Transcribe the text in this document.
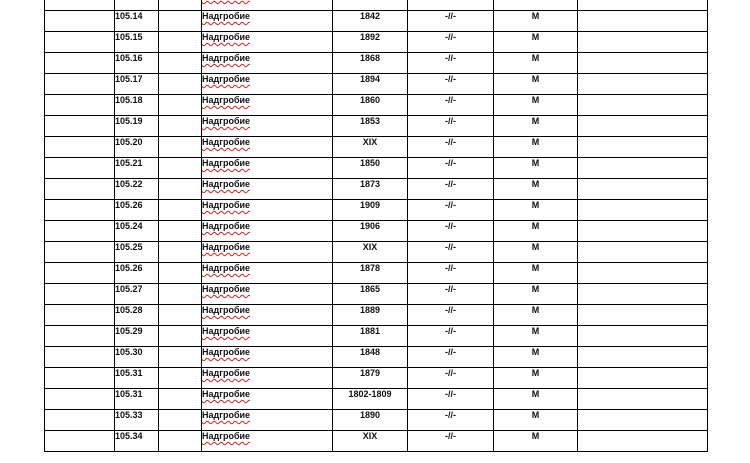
	105.14		Надгробие	1842	-//-	М	
	105.15		Надгробие	1892	-//-	М	
	105.16		Надгробие	1868	-//-	М	
	105.17		Надгробие	1894	-//-	М	
	105.18		Надгробие	1860	-//-	М	
	105.19		Надгробие	1853	-//-	М	
	105.20		Надгробие	XIX	-//-	М	
	105.21		Надгробие	1850	-//-	М	
	105.22		Надгробие	1873	-//-	М	
	105.26		Надгробие	1909	-//-	М	
	105.24		Надгробие	1906	-//-	М	
	105.25		Надгробие	XIX	-//-	М	
	105.26		Надгробие	1878	-//-	М	
	105.27		Надгробие	1865	-//-	М	
	105.28		Надгробие	1889	-//-	М	
	105.29		Надгробие	1881	-//-	М	
	105.30		Надгробие	1848	-//-	М	
	105.31		Надгробие	1879	-//-	М	
	105.31		Надгробие	1802-1809	-//-	М	
	105.33		Надгробие	1890	-//-	М	
	105.34		Надгробие	XIX	-//-	М	
